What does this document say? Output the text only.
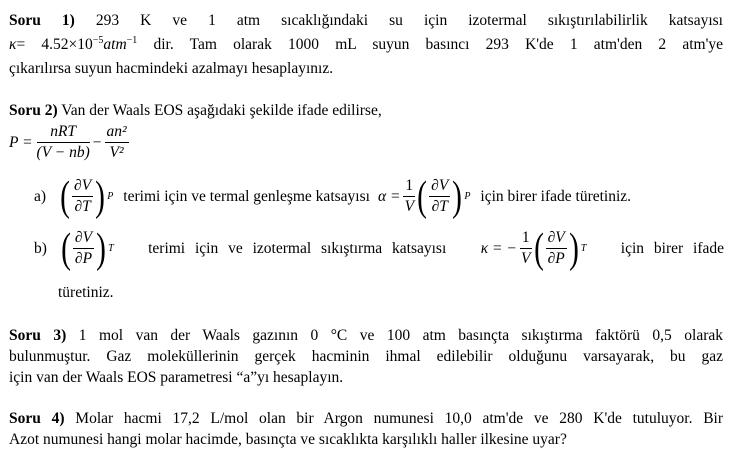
Soru 1) 293 K ve 1 atm sıcaklığındaki su için izotermal sıkıştırılabilirlik katsayısı
$\kappa= 4.52\times 10^{-5}atm^{-1}$ dir. Tam olarak 1000 mL suyun basıncı 293 K'de 1 atm'den 2 atm'ye
çıkarılırsa suyun hacmindeki azalmayı hesaplayınız.
Soru 2) Van der Waals EOS aşağıdaki şekilde ifade edilirse,
$P = \frac{\text{nRT}}{(V - nb)} - \frac{\text{an²}}{\text{V²}}$
a) ( $\frac{\partial V}{\partial T}$ ) P terimi için ve termal genleşme katsayısı $\alpha = \frac{1}{V}$ ( $\frac{\partial V}{\partial T}$ ) P için birer ifade türetiniz.
b) ( $\frac{\partial V}{\partial P}$ ) T terimi için ve izotermal sıkıştırma katsayısı κ = − $\frac{1}{V}$ ( $\frac{\partial V}{\partial P}$ ) T için birer ifade
türetiniz.
Soru 3) 1 mol van der Waals gazının 0 °C ve 100 atm basınçta sıkıştırma faktörü 0,5 olarak
bulunmuştur. Gaz moleküllerinin gerçek hacminin ihmal edilebilir olduğunu varsayarak, bu gaz
için van der Waals EOS parametresi “a”yı hesaplayın.
Soru 4) Molar hacmi 17,2 L/mol olan bir Argon numunesi 10,0 atm'de ve 280 K'de tutuluyor. Bir
Azot numunesi hangi molar hacimde, basınçta ve sıcaklıkta karşılıklı haller ilkesine uyar?
